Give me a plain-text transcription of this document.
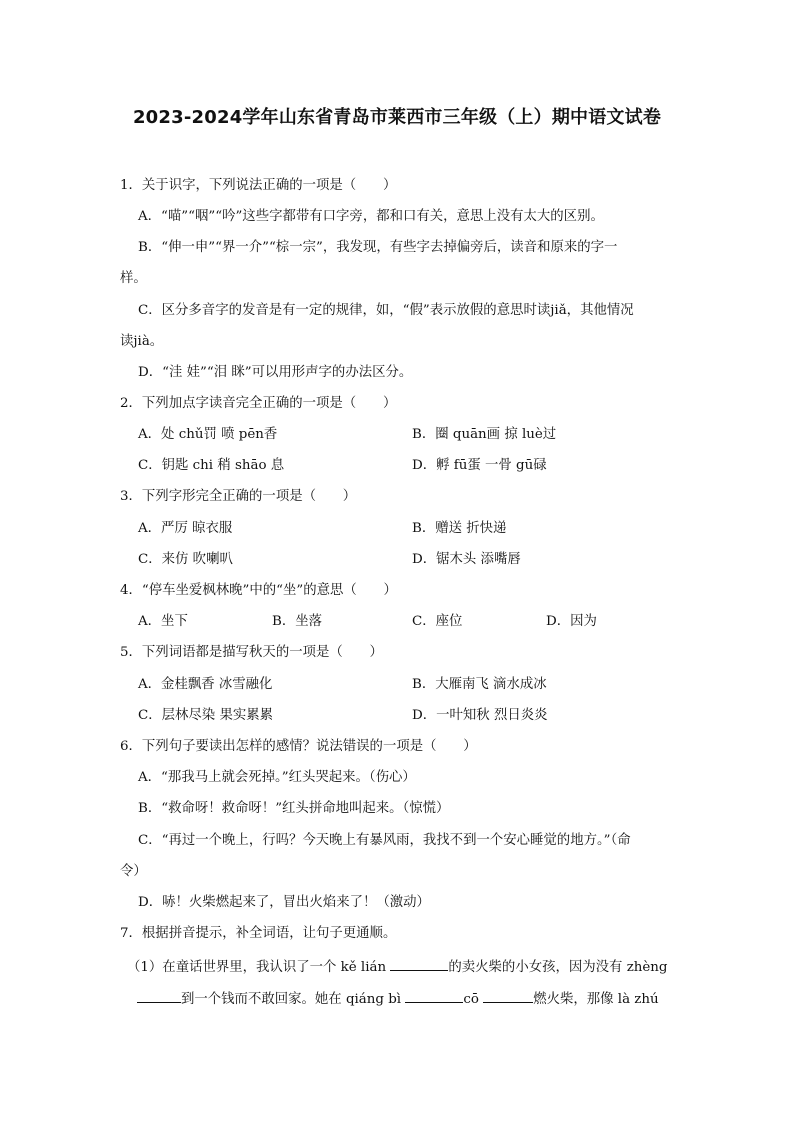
2023-2024学年山东省青岛市莱西市三年级（上）期中语文试卷
1．关于识字，下列说法正确的一项是（　　）
A．“喵”“咽”“吟”这些字都带有口字旁，都和口有关，意思上没有太大的区别。
B．“伸一申”“界一介”“棕一宗”，我发现，有些字去掉偏旁后，读音和原来的字一
样。
C．区分多音字的发音是有一定的规律，如，“假”表示放假的意思时读jiǎ，其他情况
读jià。
D．“洼 娃”“泪 眯”可以用形声字的办法区分。
2．下列加点字读音完全正确的一项是（　　）
A．处 chǔ罚 喷 pēn香	B．圈 quān画 掠 luè过
C．钥匙 chi 稍 shāo 息	D．孵 fū蛋 一骨 gū碌
3．下列字形完全正确的一项是（　　）
A．严厉 晾衣服	B．赠送 折快递
C．来仿 吹喇叭	D．锯木头 添嘴唇
4．“停车坐爱枫林晚”中的“坐”的意思（　　）
A．坐下	B．坐落	C．座位	D．因为
5．下列词语都是描写秋天的一项是（　　）
A．金桂飘香 冰雪融化	B．大雁南飞 滴水成冰
C．层林尽染 果实累累	D．一叶知秋 烈日炎炎
6．下列句子要读出怎样的感情？说法错误的一项是（　　）
A．“那我马上就会死掉。”红头哭起来。（伤心）
B．“救命呀！救命呀！”红头拼命地叫起来。（惊慌）
C．“再过一个晚上，行吗？今天晚上有暴风雨，我找不到一个安心睡觉的地方。”（命
令）
D．哧！火柴燃起来了，冒出火焰来了！（激动）
7．根据拼音提示，补全词语，让句子更通顺。
（1）在童话世界里，我认识了一个 kě lián	的卖火柴的小女孩，因为没有 zhèng
到一个钱而不敢回家。她在 qiáng bì	cō	燃火柴，那像 là zhú
